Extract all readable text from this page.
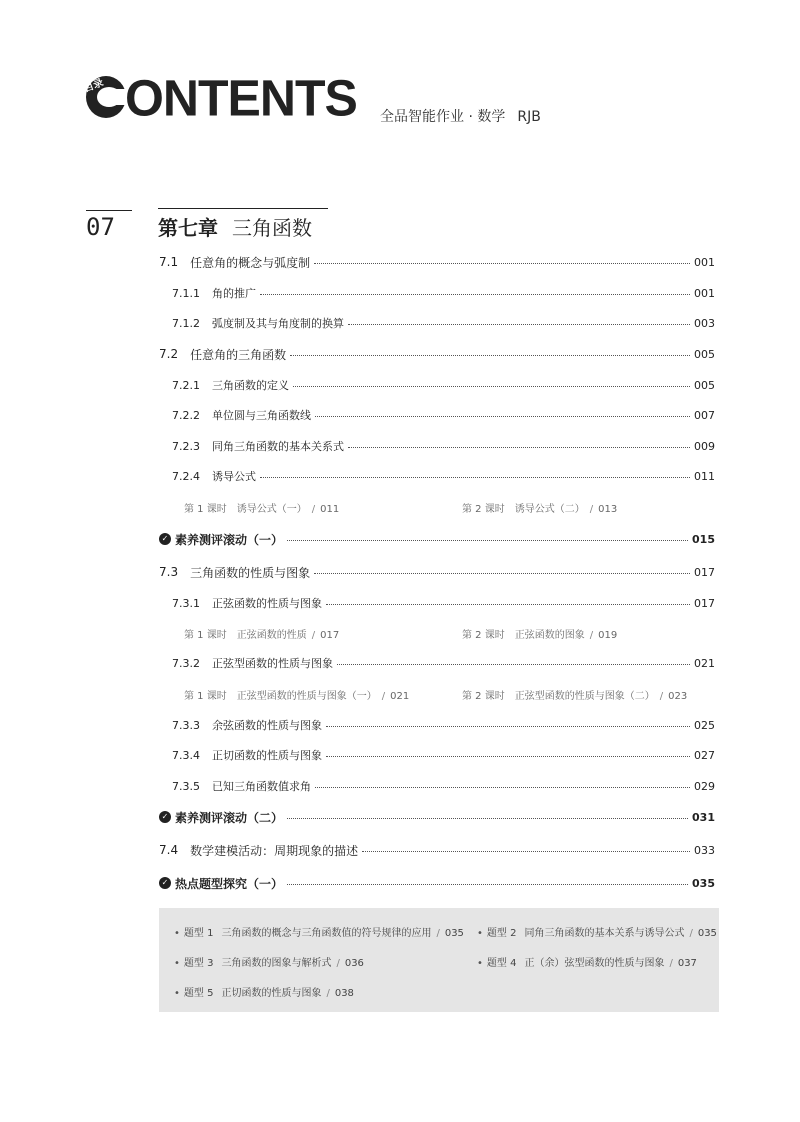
目录 ONTENTS 全品智能作业 · 数学 RJB
07	第七章 三角函数
7.1 任意角的概念与弧度制	001
7.1.1 角的推广	001
7.1.2 弧度制及其与角度制的换算	003
7.2 任意角的三角函数	005
7.2.1 三角函数的定义	005
7.2.2 单位圆与三角函数线	007
7.2.3 同角三角函数的基本关系式	009
7.2.4 诱导公式	011
第 1 课时 诱导公式（一） / 011	第 2 课时 诱导公式（二） / 013
✓ 素养测评滚动（一）	015
7.3 三角函数的性质与图象	017
7.3.1 正弦函数的性质与图象	017
第 1 课时 正弦函数的性质 / 017	第 2 课时 正弦函数的图象 / 019
7.3.2 正弦型函数的性质与图象	021
第 1 课时 正弦型函数的性质与图象（一） / 021	第 2 课时 正弦型函数的性质与图象（二） / 023
7.3.3 余弦函数的性质与图象	025
7.3.4 正切函数的性质与图象	027
7.3.5 已知三角函数值求角	029
✓ 素养测评滚动（二）	031
7.4 数学建模活动：周期现象的描述	033
✓ 热点题型探究（一）	035
• 题型 1 三角函数的概念与三角函数值的符号规律的应用 / 035 • 题型 2 同角三角函数的基本关系与诱导公式 / 035
• 题型 3 三角函数的图象与解析式 / 036	• 题型 4 正（余）弦型函数的性质与图象 / 037
• 题型 5 正切函数的性质与图象 / 038
